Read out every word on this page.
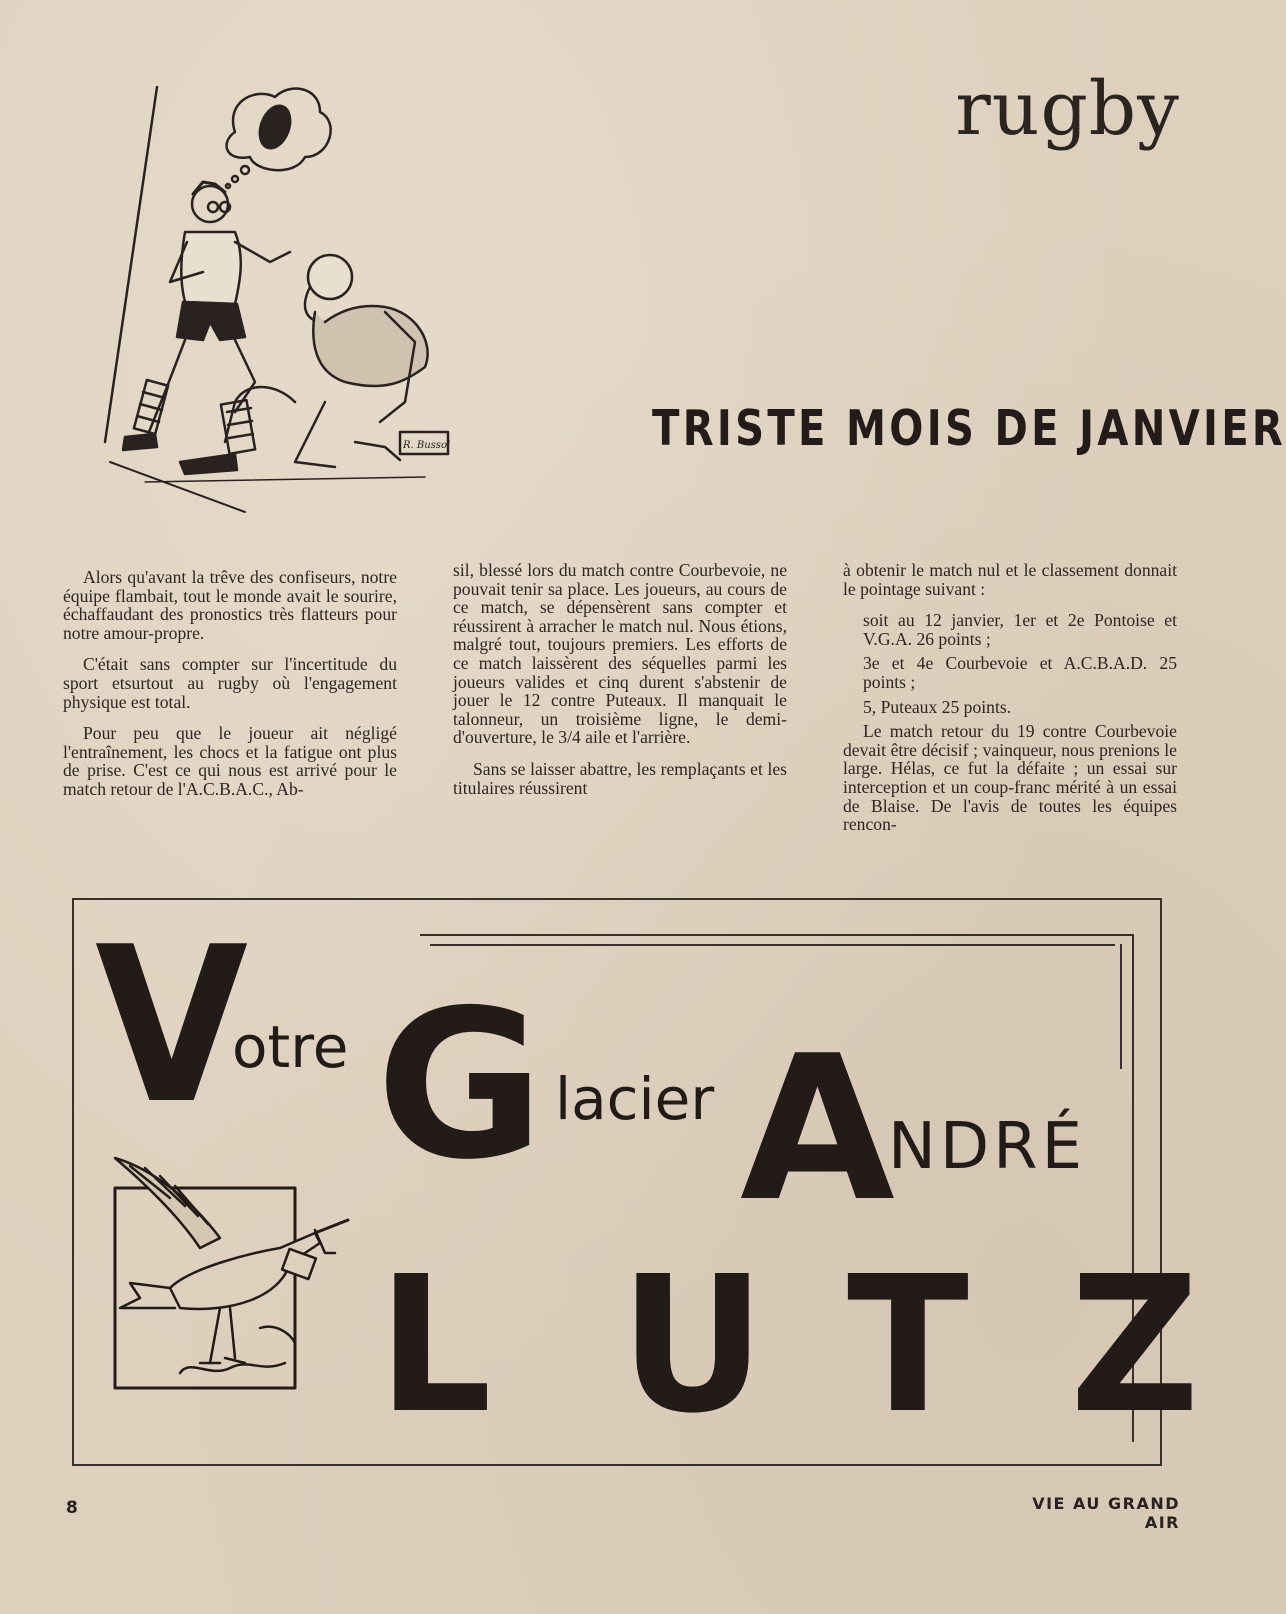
rugby
R. Bussol	TRISTE MOIS DE JANVIER

Alors qu'avant la trêve des confiseurs, notre équipe flambait, tout le monde avait le sourire, échaffaudant des pronostics très flatteurs pour notre amour-propre.

C'était sans compter sur l'incertitude du sport etsurtout au rugby où l'engagement physique est total.

Pour peu que le joueur ait négligé l'entraînement, les chocs et la fatigue ont plus de prise. C'est ce qui nous est arrivé pour le match retour de l'A.C.B.A.C., Ab-

sil, blessé lors du match contre Courbevoie, ne pouvait tenir sa place. Les joueurs, au cours de ce match, se dépensèrent sans compter et réussirent à arracher le match nul. Nous étions, malgré tout, toujours premiers. Les efforts de ce match laissèrent des séquelles parmi les joueurs valides et cinq durent s'abstenir de jouer le 12 contre Puteaux. Il manquait le talonneur, un troisième ligne, le demi-d'ouverture, le 3/4 aile et l'arrière.

Sans se laisser abattre, les remplaçants et les titulaires réussirent

à obtenir le match nul et le classement donnait le pointage suivant :

soit au 12 janvier, 1er et 2e Pontoise et V.G.A. 26 points ;

3e et 4e Courbevoie et A.C.B.A.D. 25 points ;

5, Puteaux 25 points.

Le match retour du 19 contre Courbevoie devait être décisif ; vainqueur, nous prenions le large. Hélas, ce fut la défaite ; un essai sur interception et un coup-franc mérité à un essai de Blaise. De l'avis de toutes les équipes rencon-

V
otre G lacier A
NDRÉ
L U T Z
8	VIE AU GRAND AIR
